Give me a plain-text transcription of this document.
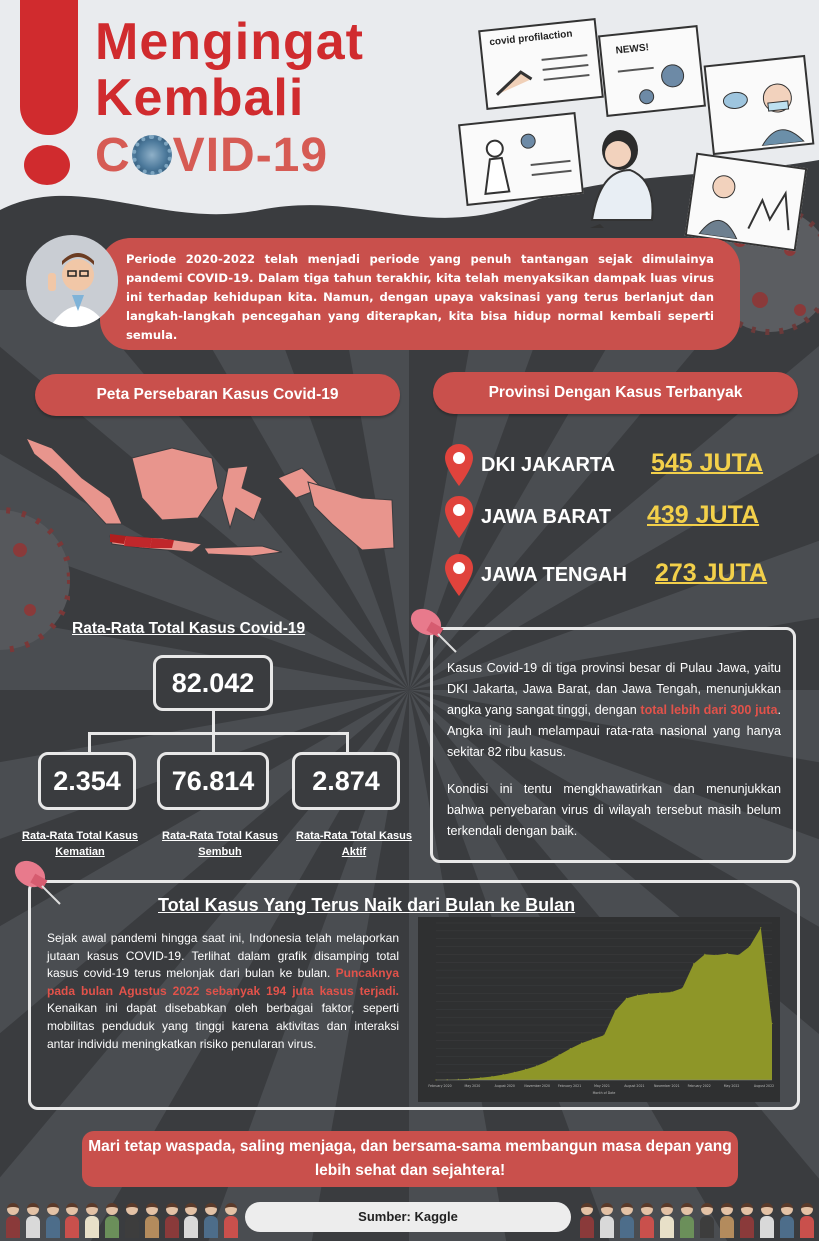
Mengingat
Kembali
C VID-19
covid profilaction
NEWS!
Periode 2020-2022 telah menjadi periode yang penuh tantangan sejak dimulainya pandemi COVID-19. Dalam tiga tahun terakhir, kita telah menyaksikan dampak luas virus ini terhadap kehidupan kita. Namun, dengan upaya vaksinasi yang terus berlanjut dan langkah-langkah pencegahan yang diterapkan, kita bisa hidup normal kembali seperti semula.
Peta Persebaran Kasus Covid-19	Provinsi Dengan Kasus Terbanyak
DKI JAKARTA 545 JUTA
JAWA BARAT 439 JUTA
JAWA TENGAH 273 JUTA
Rata-Rata Total Kasus Covid-19
82.042
2.354	76.814	2.874
Rata-Rata Total Kasus
Kematian
Rata-Rata Total Kasus
Sembuh
Rata-Rata Total Kasus
Aktif

Kasus Covid-19 di tiga provinsi besar di Pulau Jawa, yaitu DKI Jakarta, Jawa Barat, dan Jawa Tengah, menunjukkan angka yang sangat tinggi, dengan total lebih dari 300 juta. Angka ini jauh melampaui rata-rata nasional yang hanya sekitar 82 ribu kasus.

Kondisi ini tentu mengkhawatirkan dan menunjukkan bahwa penyebaran virus di wilayah tersebut masih belum terkendali dengan baik.

Total Kasus Yang Terus Naik dari Bulan ke Bulan
Sejak awal pandemi hingga saat ini, Indonesia telah melaporkan jutaan kasus COVID-19. Terlihat dalam grafik disamping total kasus covid-19 terus melonjak dari bulan ke bulan. Puncaknya pada bulan Agustus 2022 sebanyak 194 juta kasus terjadi. Kenaikan ini dapat disebabkan oleh berbagai faktor, seperti mobilitas penduduk yang tinggi karena aktivitas dan interaksi antar individu meningkatkan risiko penularan virus.
February 2020	May 2020	August 2020	November 2020 February 2021	May 2021	August 2021	November 2021 February 2022	May 2022	August 2022
Month of Date
Mari tetap waspada, saling menjaga, dan bersama-sama membangun masa depan yang lebih sehat dan sejahtera!
Sumber: Kaggle
